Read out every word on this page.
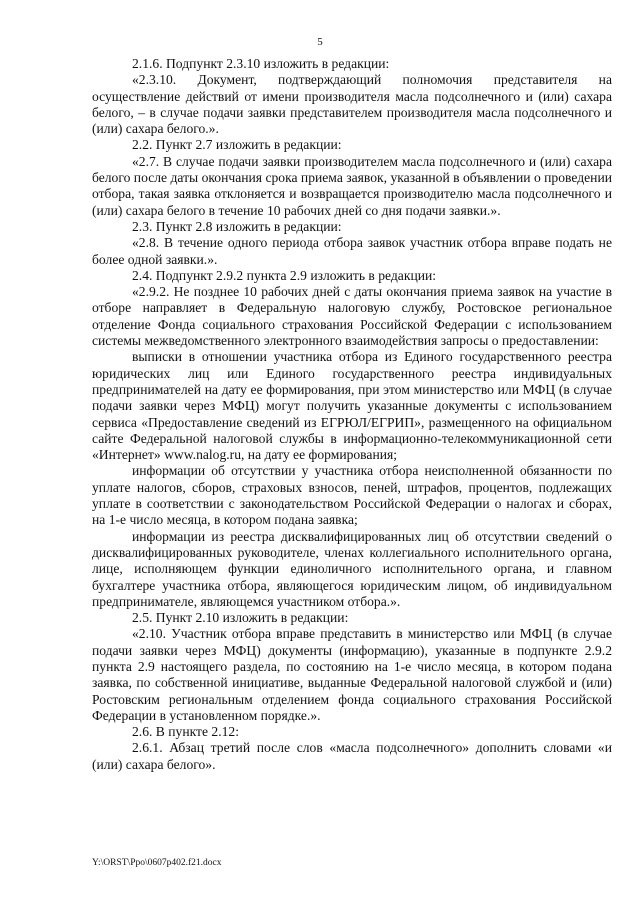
5

2.1.6. Подпункт 2.3.10 изложить в редакции:

«2.3.10. Документ, подтверждающий полномочия представителя на осуществление действий от имени производителя масла подсолнечного и (или) сахара белого, – в случае подачи заявки представителем производителя масла подсолнечного и (или) сахара белого.».

2.2. Пункт 2.7 изложить в редакции:

«2.7. В случае подачи заявки производителем масла подсолнечного и (или) сахара белого после даты окончания срока приема заявок, указанной в объявлении о проведении отбора, такая заявка отклоняется и возвращается производителю масла подсолнечного и (или) сахара белого в течение 10 рабочих дней со дня подачи заявки.».

2.3. Пункт 2.8 изложить в редакции:

«2.8. В течение одного периода отбора заявок участник отбора вправе подать не более одной заявки.».

2.4. Подпункт 2.9.2 пункта 2.9 изложить в редакции:

«2.9.2. Не позднее 10 рабочих дней с даты окончания приема заявок на участие в отборе направляет в Федеральную налоговую службу, Ростовское региональное отделение Фонда социального страхования Российской Федерации с использованием системы межведомственного электронного взаимодействия запросы о предоставлении:

выписки в отношении участника отбора из Единого государственного реестра юридических лиц или Единого государственного реестра индивидуальных предпринимателей на дату ее формирования, при этом министерство или МФЦ (в случае подачи заявки через МФЦ) могут получить указанные документы с использованием сервиса «Предоставление сведений из ЕГРЮЛ/ЕГРИП», размещенного на официальном сайте Федеральной налоговой службы в информационно-телекоммуникационной сети «Интернет» www.nalog.ru, на дату ее формирования;

информации об отсутствии у участника отбора неисполненной обязанности по уплате налогов, сборов, страховых взносов, пеней, штрафов, процентов, подлежащих уплате в соответствии с законодательством Российской Федерации о налогах и сборах, на 1-е число месяца, в котором подана заявка;

информации из реестра дисквалифицированных лиц об отсутствии сведений о дисквалифицированных руководителе, членах коллегиального исполнительного органа, лице, исполняющем функции единоличного исполнительного органа, и главном бухгалтере участника отбора, являющегося юридическим лицом, об индивидуальном предпринимателе, являющемся участником отбора.».

2.5. Пункт 2.10 изложить в редакции:

«2.10. Участник отбора вправе представить в министерство или МФЦ (в случае подачи заявки через МФЦ) документы (информацию), указанные в подпункте 2.9.2 пункта 2.9 настоящего раздела, по состоянию на 1-е число месяца, в котором подана заявка, по собственной инициативе, выданные Федеральной налоговой службой и (или) Ростовским региональным отделением фонда социального страхования Российской Федерации в установленном порядке.».

2.6. В пункте 2.12:

2.6.1. Абзац третий после слов «масла подсолнечного» дополнить словами «и (или) сахара белого».

Y:\ORST\Ppo\0607p402.f21.docx
